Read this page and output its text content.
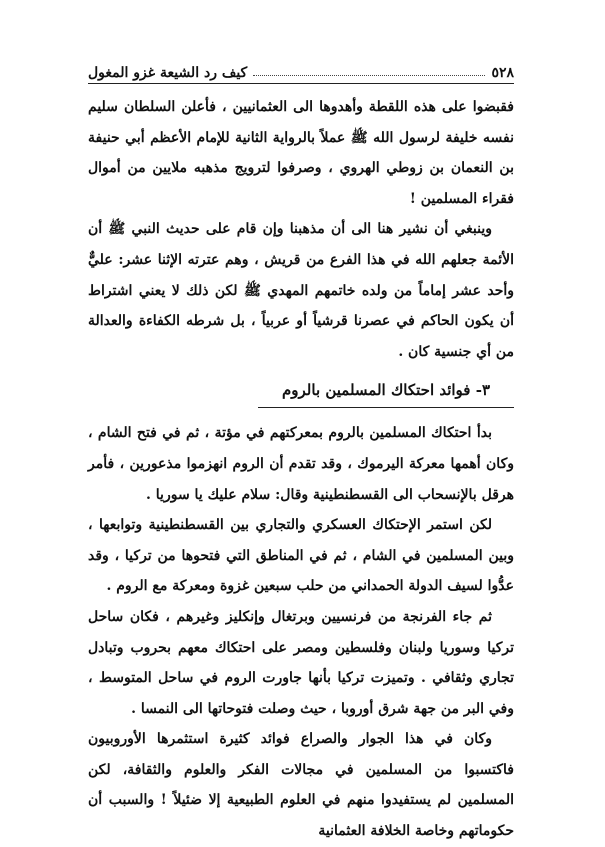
٥٢٨
كيف رد الشيعة غزو المغول

فقبضوا على هذه اللقطة وأهدوها الى العثمانيين ، فأعلن السلطان سليم نفسه خليفة لرسول الله ﷺ عملاً بالرواية الثانية للإمام الأعظم أبي حنيفة بن النعمان بن زوطي الهروي ، وصرفوا لترويج مذهبه ملايين من أموال فقراء المسلمين !

وينبغي أن نشير هنا الى أن مذهبنا وإن قام على حديث النبي ﷺ أن الأئمة جعلهم الله في هذا الفرع من قريش ، وهم عترته الإثنا عشر: عليٌّ وأحد عشر إماماً من ولده خاتمهم المهدي ﷺ لكن ذلك لا يعني اشتراط أن يكون الحاكم في عصرنا قرشياً أو عربياً ، بل شرطه الكفاءة والعدالة من أي جنسية كان .

٣- فوائد احتكاك المسلمين بالروم

بدأ احتكاك المسلمين بالروم بمعركتهم في مؤتة ، ثم في فتح الشام ، وكان أهمها معركة اليرموك ، وقد تقدم أن الروم انهزموا مذعورين ، فأمر هرقل بالإنسحاب الى القسطنطينية وقال: سلام عليك يا سوريا .

لكن استمر الإحتكاك العسكري والتجاري بين القسطنطينية وتوابعها ، وبين المسلمين في الشام ، ثم في المناطق التي فتحوها من تركيا ، وقد عدُّوا لسيف الدولة الحمداني من حلب سبعين غزوة ومعركة مع الروم .

ثم جاء الفرنجة من فرنسيين وبرتغال وإنكليز وغيرهم ، فكان ساحل تركيا وسوريا ولبنان وفلسطين ومصر على احتكاك معهم بحروب وتبادل تجاري وثقافي . وتميزت تركيا بأنها جاورت الروم في ساحل المتوسط ، وفي البر من جهة شرق أوروبا ، حيث وصلت فتوحاتها الى النمسا .

وكان في هذا الجوار والصراع فوائد كثيرة استثمرها الأوروبيون فاكتسبوا من المسلمين في مجالات الفكر والعلوم والثقافة، لكن المسلمين لم يستفيدوا منهم في العلوم الطبيعية إلا ضئيلاً ! والسبب أن حكوماتهم وخاصة الخلافة العثمانية
